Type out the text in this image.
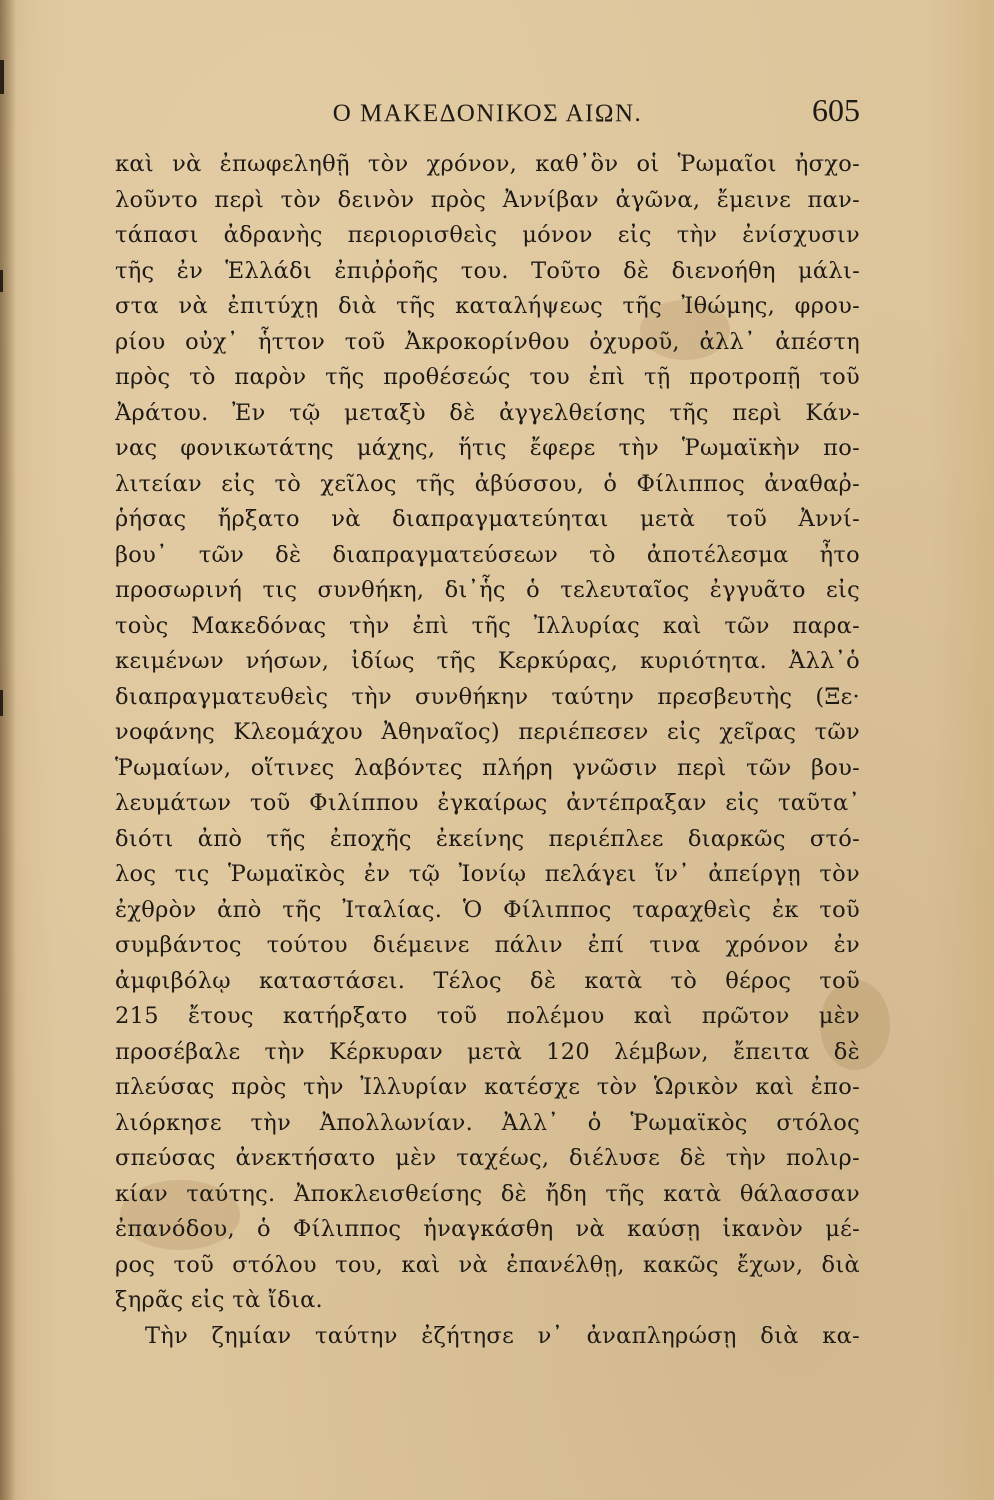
Ο ΜΑΚΕΔΟΝΙΚΟΣ ΑΙΩΝ.	605
καὶ νὰ ἐπωφεληθῇ τὸν χρόνον, καθ᾽ὃν οἱ Ῥωμαῖοι ἠσχο-
λοῦντο περὶ τὸν δεινὸν πρὸς Ἀννίβαν ἀγῶνα, ἔμεινε παν-
τάπασι ἀδρανὴς περιορισθεὶς μόνον εἰς τὴν ἐνίσχυσιν
τῆς ἐν Ἑλλάδι ἐπιῤῥοῆς του. Τοῦτο δὲ διενοήθη μάλι-
στα νὰ ἐπιτύχῃ διὰ τῆς καταλήψεως τῆς Ἰθώμης, φρου-
ρίου οὐχ᾽ ἧττον τοῦ Ἀκροκορίνθου ὀχυροῦ, ἀλλ᾽ ἀπέστη
πρὸς τὸ παρὸν τῆς προθέσεώς του ἐπὶ τῇ προτροπῇ τοῦ
Ἀράτου. Ἐν τῷ μεταξὺ δὲ ἀγγελθείσης τῆς περὶ Κάν-
νας φονικωτάτης μάχης, ἥτις ἔφερε τὴν Ῥωμαϊκὴν πο-
λιτείαν εἰς τὸ χεῖλος τῆς ἀβύσσου, ὁ Φίλιππος ἀναθαῤ-
ῥήσας ἤρξατο νὰ διαπραγματεύηται μετὰ τοῦ Ἀννί-
βου᾽ τῶν δὲ διαπραγματεύσεων τὸ ἀποτέλεσμα ἦτο
προσωρινή τις συνθήκη, δι᾽ἧς ὁ τελευταῖος ἐγγυᾶτο εἰς
τοὺς Μακεδόνας τὴν ἐπὶ τῆς Ἰλλυρίας καὶ τῶν παρα-
κειμένων νήσων, ἰδίως τῆς Κερκύρας, κυριότητα. Ἀλλ᾽ὁ
διαπραγματευθεὶς τὴν συνθήκην ταύτην πρεσβευτὴς (Ξε·
νοφάνης Κλεομάχου Ἀθηναῖος) περιέπεσεν εἰς χεῖρας τῶν
Ῥωμαίων, οἵτινες λαβόντες πλήρη γνῶσιν περὶ τῶν βου-
λευμάτων τοῦ Φιλίππου ἐγκαίρως ἀντέπραξαν εἰς ταῦτα᾽
διότι ἀπὸ τῆς ἐποχῆς ἐκείνης περιέπλεε διαρκῶς στό-
λος τις Ῥωμαϊκὸς ἐν τῷ Ἰονίῳ πελάγει ἵν᾽ ἀπείργῃ τὸν
ἐχθρὸν ἀπὸ τῆς Ἰταλίας. Ὁ Φίλιππος ταραχθεὶς ἐκ τοῦ
συμβάντος τούτου διέμεινε πάλιν ἐπί τινα χρόνον ἐν
ἀμφιβόλῳ καταστάσει. Τέλος δὲ κατὰ τὸ θέρος τοῦ
215 ἔτους κατήρξατο τοῦ πολέμου καὶ πρῶτον μὲν
προσέβαλε τὴν Κέρκυραν μετὰ 120 λέμβων, ἔπειτα δὲ
πλεύσας πρὸς τὴν Ἰλλυρίαν κατέσχε τὸν Ὡρικὸν καὶ ἐπο-
λιόρκησε τὴν Ἀπολλωνίαν. Ἀλλ᾽ ὁ Ῥωμαϊκὸς στόλος
σπεύσας ἀνεκτήσατο μὲν ταχέως, διέλυσε δὲ τὴν πολιρ-
κίαν ταύτης. Ἀποκλεισθείσης δὲ ἤδη τῆς κατὰ θάλασσαν
ἐπανόδου, ὁ Φίλιππος ἠναγκάσθη νὰ καύσῃ ἱκανὸν μέ-
ρος τοῦ στόλου του, καὶ νὰ ἐπανέλθῃ, κακῶς ἔχων, διὰ
ξηρᾶς εἰς τὰ ἴδια.
Τὴν ζημίαν ταύτην ἐζήτησε ν᾽ ἀναπληρώσῃ διὰ κα-
